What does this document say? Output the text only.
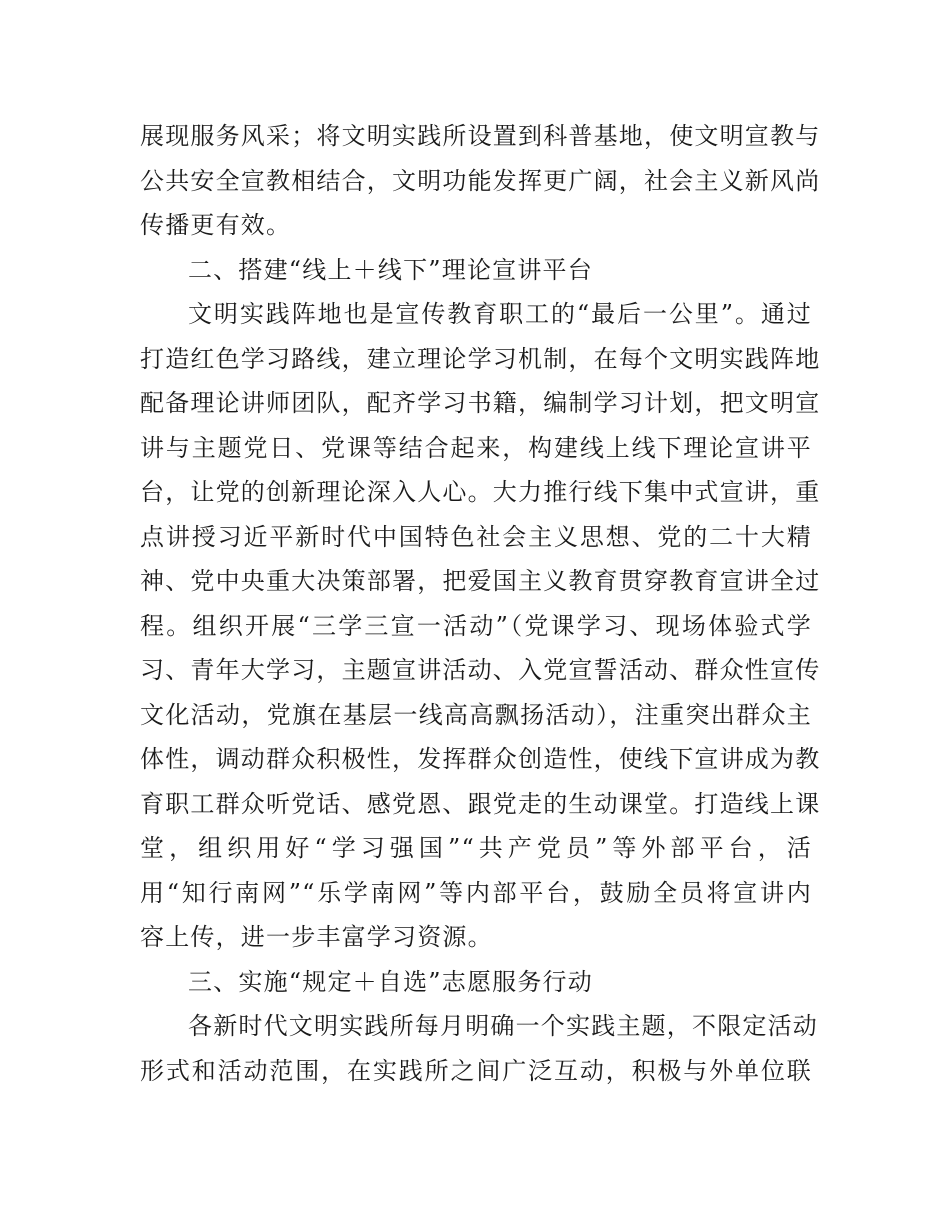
展现服务风采；将文明实践所设置到科普基地，使文明宣教与
公共安全宣教相结合，文明功能发挥更广阔，社会主义新风尚
传播更有效。
二、搭建“线上＋线下”理论宣讲平台
文明实践阵地也是宣传教育职工的“最后一公里”。通过
打造红色学习路线，建立理论学习机制，在每个文明实践阵地
配备理论讲师团队，配齐学习书籍，编制学习计划，把文明宣
讲与主题党日、党课等结合起来，构建线上线下理论宣讲平
台，让党的创新理论深入人心。大力推行线下集中式宣讲，重
点讲授习近平新时代中国特色社会主义思想、党的二十大精
神、党中央重大决策部署，把爱国主义教育贯穿教育宣讲全过
程。组织开展“三学三宣一活动”（党课学习、现场体验式学
习、青年大学习，主题宣讲活动、入党宣誓活动、群众性宣传
文化活动，党旗在基层一线高高飘扬活动），注重突出群众主
体性，调动群众积极性，发挥群众创造性，使线下宣讲成为教
育职工群众听党话、感党恩、跟党走的生动课堂。打造线上课
堂，组织用好“学习强国”“共产党员”等外部平台，活
用“知行南网”“乐学南网”等内部平台，鼓励全员将宣讲内
容上传，进一步丰富学习资源。
三、实施“规定＋自选”志愿服务行动
各新时代文明实践所每月明确一个实践主题，不限定活动
形式和活动范围，在实践所之间广泛互动，积极与外单位联
